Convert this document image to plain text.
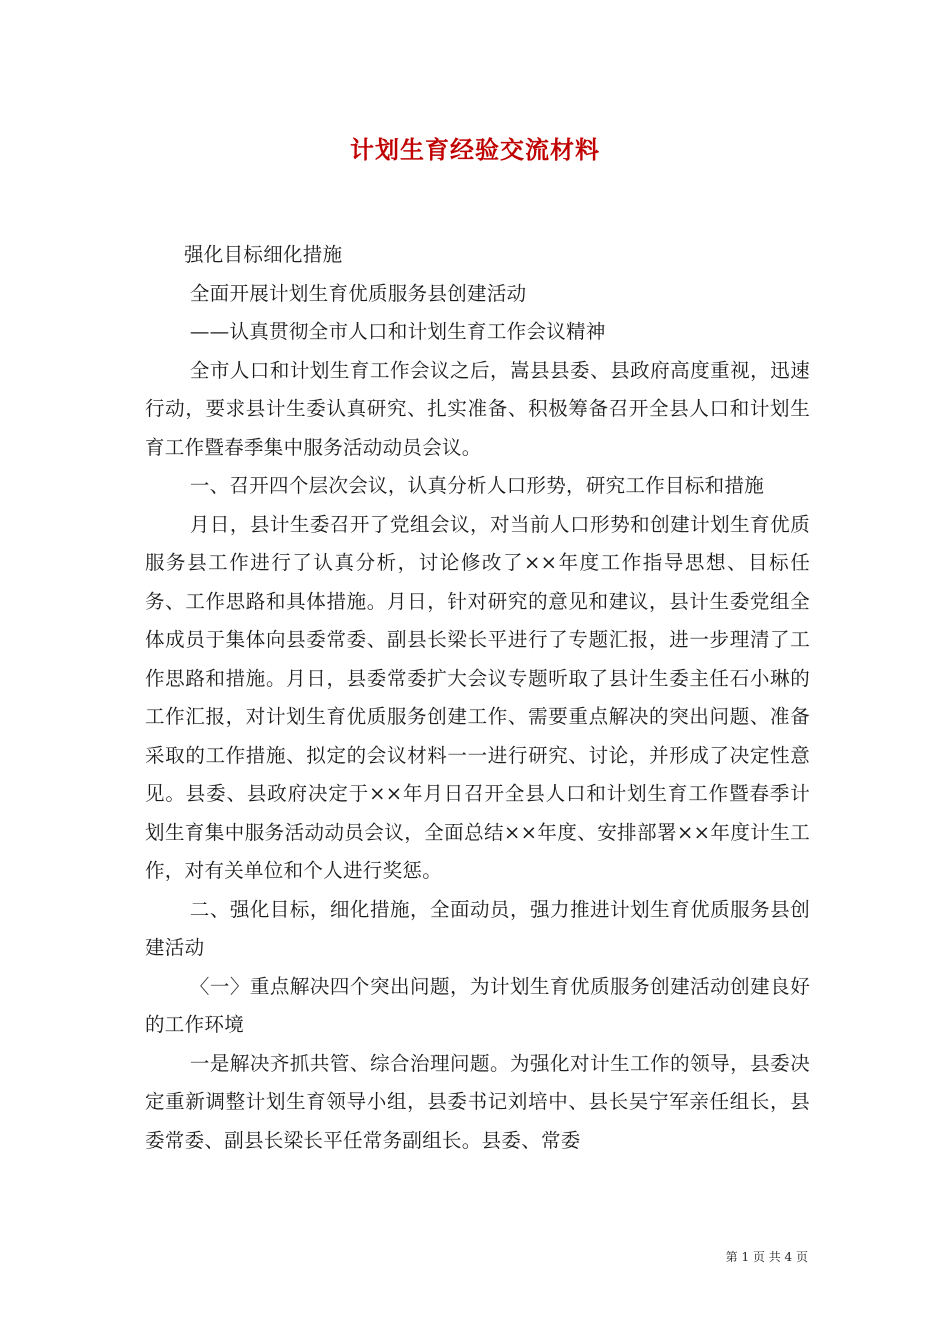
计划生育经验交流材料

强化目标细化措施

全面开展计划生育优质服务县创建活动

——认真贯彻全市人口和计划生育工作会议精神

全市人口和计划生育工作会议之后，嵩县县委、县政府高度重视，迅速行动，要求县计生委认真研究、扎实准备、积极筹备召开全县人口和计划生育工作暨春季集中服务活动动员会议。

一、召开四个层次会议，认真分析人口形势，研究工作目标和措施

月日，县计生委召开了党组会议，对当前人口形势和创建计划生育优质服务县工作进行了认真分析，讨论修改了××年度工作指导思想、目标任务、工作思路和具体措施。月日，针对研究的意见和建议，县计生委党组全体成员于集体向县委常委、副县长梁长平进行了专题汇报，进一步理清了工作思路和措施。月日，县委常委扩大会议专题听取了县计生委主任石小琳的工作汇报，对计划生育优质服务创建工作、需要重点解决的突出问题、准备采取的工作措施、拟定的会议材料一一进行研究、讨论，并形成了决定性意见。县委、县政府决定于××年月日召开全县人口和计划生育工作暨春季计划生育集中服务活动动员会议，全面总结××年度、安排部署××年度计生工作，对有关单位和个人进行奖惩。

二、强化目标，细化措施，全面动员，强力推进计划生育优质服务县创建活动

〈一〉重点解决四个突出问题，为计划生育优质服务创建活动创建良好的工作环境

一是解决齐抓共管、综合治理问题。为强化对计生工作的领导，县委决定重新调整计划生育领导小组，县委书记刘培中、县长吴宁军亲任组长，县委常委、副县长梁长平任常务副组长。县委、常委

第 1 页 共 4 页
